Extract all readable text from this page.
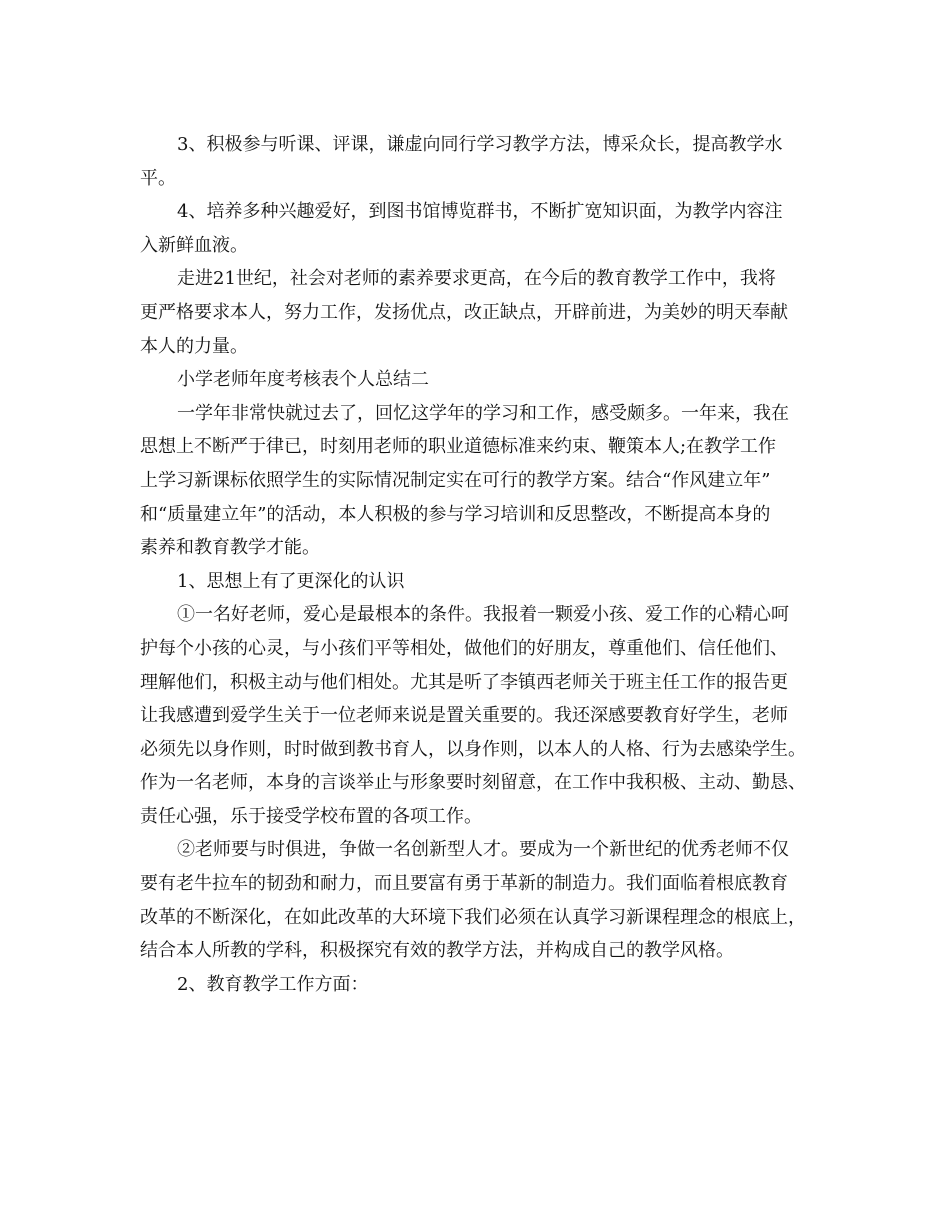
3、积极参与听课、评课，谦虚向同行学习教学方法，博采众长，提高教学水
平。
4、培养多种兴趣爱好，到图书馆博览群书，不断扩宽知识面，为教学内容注
入新鲜血液。
走进21世纪，社会对老师的素养要求更高，在今后的教育教学工作中，我将
更严格要求本人，努力工作，发扬优点，改正缺点，开辟前进，为美妙的明天奉献
本人的力量。
小学老师年度考核表个人总结二
一学年非常快就过去了，回忆这学年的学习和工作，感受颇多。一年来，我在
思想上不断严于律已，时刻用老师的职业道德标准来约束、鞭策本人;在教学工作
上学习新课标依照学生的实际情况制定实在可行的教学方案。结合“作风建立年”
和“质量建立年”的活动，本人积极的参与学习培训和反思整改，不断提高本身的
素养和教育教学才能。
1、思想上有了更深化的认识
①一名好老师，爱心是最根本的条件。我报着一颗爱小孩、爱工作的心精心呵
护每个小孩的心灵，与小孩们平等相处，做他们的好朋友，尊重他们、信任他们、
理解他们，积极主动与他们相处。尤其是听了李镇西老师关于班主任工作的报告更
让我感遭到爱学生关于一位老师来说是置关重要的。我还深感要教育好学生，老师
必须先以身作则，时时做到教书育人，以身作则，以本人的人格、行为去感染学生。
作为一名老师，本身的言谈举止与形象要时刻留意，在工作中我积极、主动、勤恳、
责任心强，乐于接受学校布置的各项工作。
②老师要与时俱进，争做一名创新型人才。要成为一个新世纪的优秀老师不仅
要有老牛拉车的韧劲和耐力，而且要富有勇于革新的制造力。我们面临着根底教育
改革的不断深化，在如此改革的大环境下我们必须在认真学习新课程理念的根底上，
结合本人所教的学科，积极探究有效的教学方法，并构成自己的教学风格。
2、教育教学工作方面：
